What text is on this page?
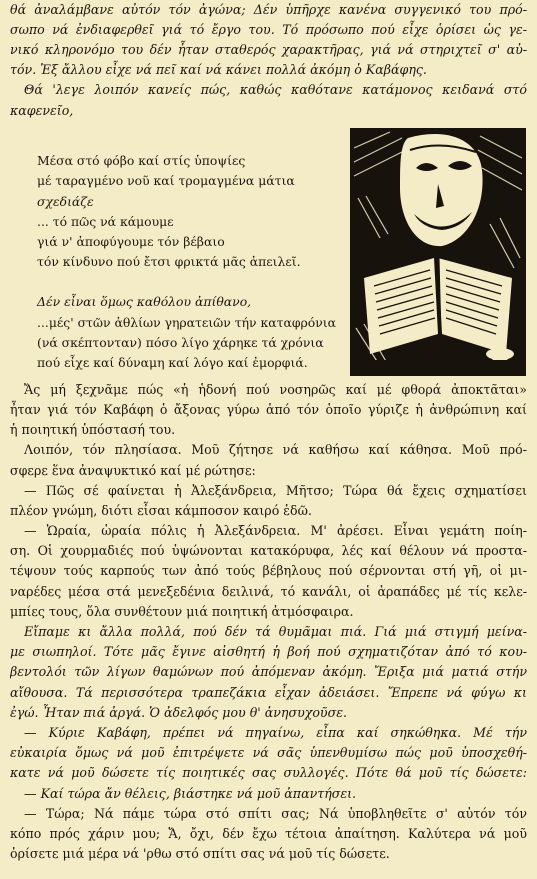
θά ἀναλάμβανε αὐτόν τόν ἀγώνα; Δέν ὑπῆρχε κανένα συγγενικό του πρό-
σωπο νά ἐνδιαφερθεῖ γιά τό ἔργο του. Τό πρόσωπο πού εἶχε ὁρίσει ὡς γε-
νικό κληρονόμο του δέν ἦταν σταθερός χαρακτῆρας, γιά νά στηριχτεῖ σ' αὐ-
τόν. Ἐξ ἄλλου εἶχε νά πεῖ καί νά κάνει πολλά ἀκόμη ὁ Καβάφης.
Θά 'λεγε λοιπόν κανείς πώς, καθώς καθότανε κατάμονος κειδανά στό
καφενεῖο,
Μέσα στό φόβο καί στίς ὑποψίες
μέ ταραγμένο νοῦ καί τρομαγμένα μάτια
σχεδιάζε
... τό πῶς νά κάμουμε
γιά ν' ἀποφύγουμε τόν βέβαιο
τόν κίνδυνο πού ἔτσι φρικτά μᾶς ἀπειλεῖ.
Δέν εἶναι ὅμως καθόλου ἀπίθανο,
...μές' στῶν ἀθλίων γηρατειῶν τήν καταφρόνια
(νά σκέπτονταν) πόσο λίγο χάρηκε τά χρόνια
πού εἶχε καί δύναμη καί λόγο καί ἐμορφιά.
Ἄς μή ξεχνᾶμε πώς «ἡ ἡδονή πού νοσηρῶς καί μέ φθορά ἀποκτᾶται»
ἦταν γιά τόν Καβάφη ὁ ἄξονας γύρω ἀπό τόν ὁποῖο γύριζε ἡ ἀνθρώπινη καί
ἡ ποιητική ὑπόστασή του.
Λοιπόν, τόν πλησίασα. Μοῦ ζήτησε νά καθήσω καί κάθησα. Μοῦ πρό-
σφερε ἕνα ἀναψυκτικό καί μέ ρώτησε:
— Πῶς σέ φαίνεται ἡ Ἀλεξάνδρεια, Μῆτσο; Τώρα θά ἔχεις σχηματίσει
πλέον γνώμη, διότι εἶσαι κάμποσον καιρό ἐδῶ.
— Ὡραία, ὡραία πόλις ἡ Ἀλεξάνδρεια. Μ' ἀρέσει. Εἶναι γεμάτη ποίη-
ση. Οἱ χουρμαδιές πού ὑψώνονται κατακόρυφα, λές καί θέλουν νά προστα-
τέψουν τούς καρπούς των ἀπό τούς βέβηλους πού σέρνονται στή γῆ, οἱ μι-
ναρέδες μέσα στά μενεξεδένια δειλινά, τό κανάλι, οἱ ἀραπάδες μέ τίς κελε-
μπίες τους, ὅλα συνθέτουν μιά ποιητική ἀτμόσφαιρα.
Εἴπαμε κι ἄλλα πολλά, πού δέν τά θυμᾶμαι πιά. Γιά μιά στιγμή μείνα-
με σιωπηλοί. Τότε μᾶς ἔγινε αἰσθητή ἡ βοή πού σχηματιζόταν ἀπό τό κου-
βεντολόι τῶν λίγων θαμώνων πού ἀπόμεναν ἀκόμη. Ἔριξα μιά ματιά στήν
αἴθουσα. Τά περισσότερα τραπεζάκια εἶχαν ἀδειάσει. Ἔπρεπε νά φύγω κι
ἐγώ. Ἦταν πιά ἀργά. Ὁ ἀδελφός μου θ' ἀνησυχοῦσε.
— Κύριε Καβάφη, πρέπει νά πηγαίνω, εἶπα καί σηκώθηκα. Μέ τήν
εὐκαιρία ὅμως νά μοῦ ἐπιτρέψετε νά σᾶς ὑπενθυμίσω πώς μοῦ ὑποσχεθή-
κατε νά μοῦ δώσετε τίς ποιητικές σας συλλογές. Πότε θά μοῦ τίς δώσετε:
— Καί τώρα ἄν θέλεις, βιάστηκε νά μοῦ ἀπαντήσει.
— Τώρα; Νά πάμε τώρα στό σπίτι σας; Νά ὑποβληθεῖτε σ' αὐτόν τόν
κόπο πρός χάριν μου; Ἄ, ὄχι, δέν ἔχω τέτοια ἀπαίτηση. Καλύτερα νά μοῦ
ὁρίσετε μιά μέρα νά 'ρθω στό σπίτι σας νά μοῦ τίς δώσετε.
